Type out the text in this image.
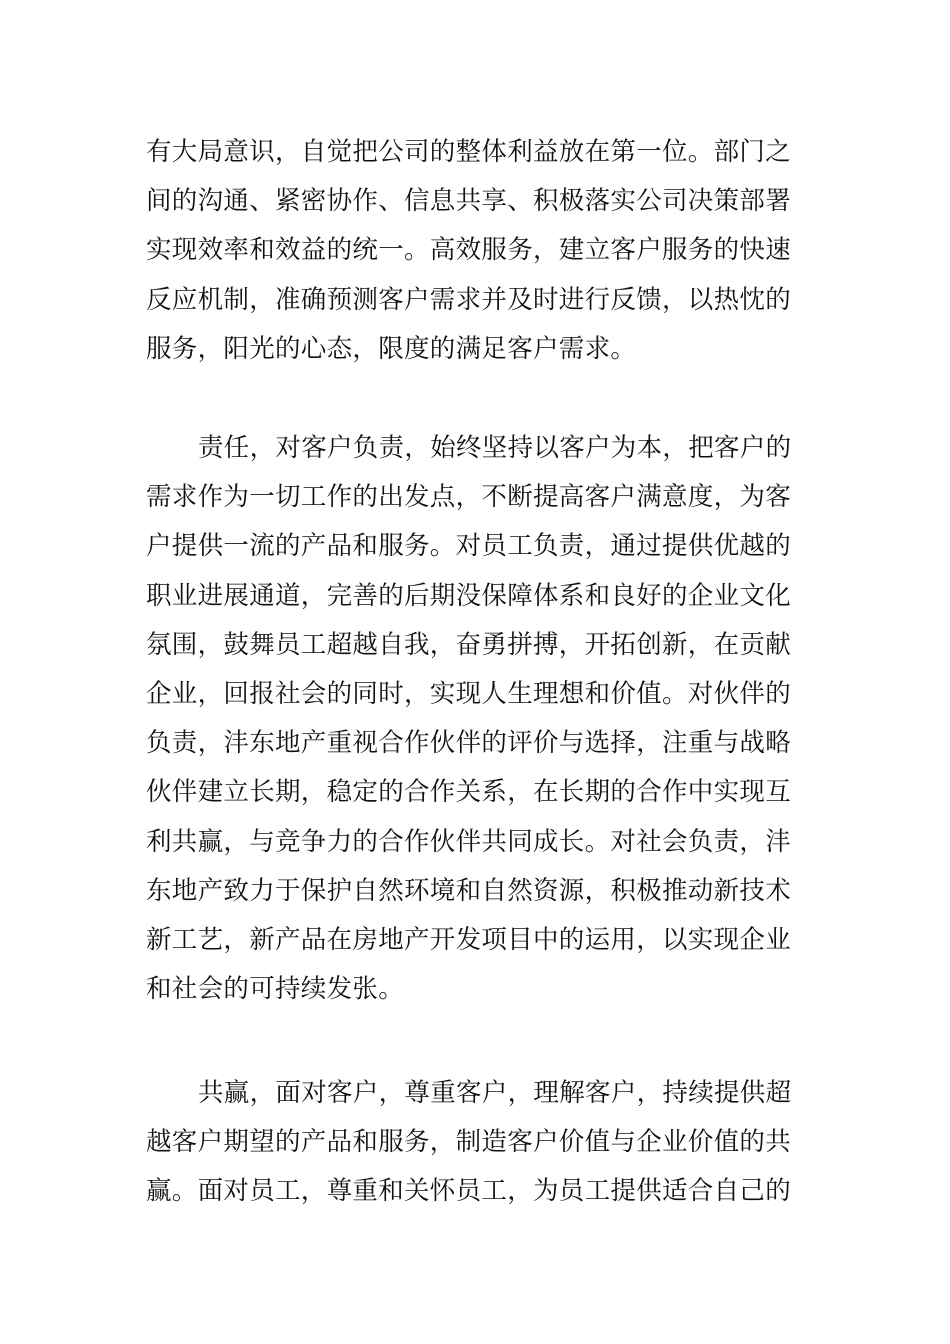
有大局意识，自觉把公司的整体利益放在第一位。部门之
间的沟通、紧密协作、信息共享、积极落实公司决策部署
实现效率和效益的统一。高效服务，建立客户服务的快速
反应机制，准确预测客户需求并及时进行反馈，以热忱的
服务，阳光的心态，限度的满足客户需求。

责任，对客户负责，始终坚持以客户为本，把客户的
需求作为一切工作的出发点，不断提高客户满意度，为客
户提供一流的产品和服务。对员工负责，通过提供优越的
职业进展通道，完善的后期没保障体系和良好的企业文化
氛围，鼓舞员工超越自我，奋勇拼搏，开拓创新，在贡献
企业，回报社会的同时，实现人生理想和价值。对伙伴的
负责，沣东地产重视合作伙伴的评价与选择，注重与战略
伙伴建立长期，稳定的合作关系，在长期的合作中实现互
利共赢，与竞争力的合作伙伴共同成长。对社会负责，沣
东地产致力于保护自然环境和自然资源，积极推动新技术
新工艺，新产品在房地产开发项目中的运用，以实现企业
和社会的可持续发张。

共赢，面对客户，尊重客户，理解客户，持续提供超
越客户期望的产品和服务，制造客户价值与企业价值的共
赢。面对员工，尊重和关怀员工，为员工提供适合自己的
